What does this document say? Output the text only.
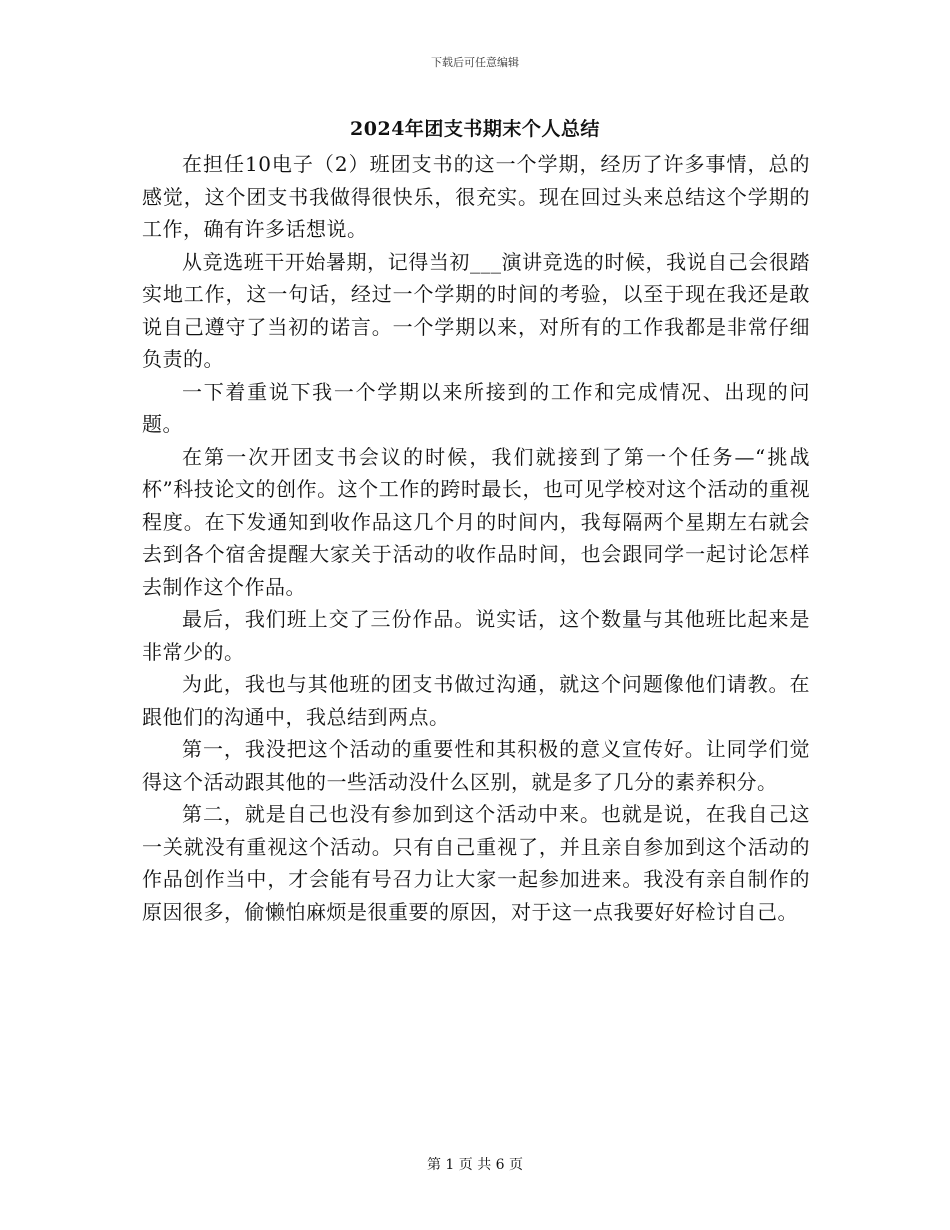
下载后可任意编辑
2024年团支书期末个人总结

在担任10电子（2）班团支书的这一个学期，经历了许多事情，总的感觉，这个团支书我做得很快乐，很充实。现在回过头来总结这个学期的工作，确有许多话想说。

从竞选班干开始暑期，记得当初___演讲竞选的时候，我说自己会很踏实地工作，这一句话，经过一个学期的时间的考验，以至于现在我还是敢说自己遵守了当初的诺言。一个学期以来，对所有的工作我都是非常仔细负责的。

一下着重说下我一个学期以来所接到的工作和完成情况、出现的问题。

在第一次开团支书会议的时候，我们就接到了第一个任务—“挑战杯”科技论文的创作。这个工作的跨时最长，也可见学校对这个活动的重视程度。在下发通知到收作品这几个月的时间内，我每隔两个星期左右就会去到各个宿舍提醒大家关于活动的收作品时间，也会跟同学一起讨论怎样去制作这个作品。

最后，我们班上交了三份作品。说实话，这个数量与其他班比起来是非常少的。

为此，我也与其他班的团支书做过沟通，就这个问题像他们请教。在跟他们的沟通中，我总结到两点。

第一，我没把这个活动的重要性和其积极的意义宣传好。让同学们觉得这个活动跟其他的一些活动没什么区别，就是多了几分的素养积分。

第二，就是自己也没有参加到这个活动中来。也就是说，在我自己这一关就没有重视这个活动。只有自己重视了，并且亲自参加到这个活动的作品创作当中，才会能有号召力让大家一起参加进来。我没有亲自制作的原因很多，偷懒怕麻烦是很重要的原因，对于这一点我要好好检讨自己。

第 1 页 共 6 页
